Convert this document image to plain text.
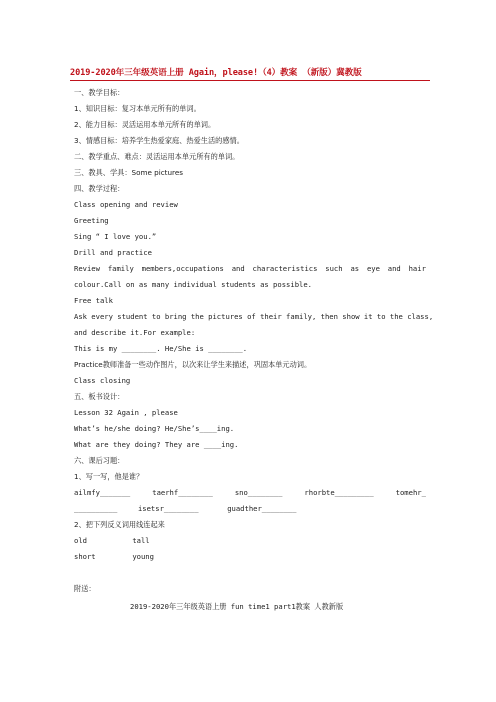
2019-2020年三年级英语上册 Again，please!（4）教案 （新版）冀教版
一、教学目标：
1、知识目标：复习本单元所有的单词。
2、能力目标：灵活运用本单元所有的单词。
3、情感目标：培养学生热爱家庭、热爱生活的感情。
二、教学重点、难点：灵活运用本单元所有的单词。
三、教具、学具：Some pictures
四、教学过程：
Class opening and review
Greeting
Sing “ I love you.”
Drill and practice
Review family members,occupations and characteristics such as eye and hair
colour.Call on as many individual students as possible.
Free talk
Ask every student to bring the pictures of their family, then show it to the class,
and describe it.For example:
This is my ________. He/She is ________.
Practice教师准备一些动作图片，以次来让学生来描述，巩固本单元动词。
Class closing
五、板书设计：
Lesson 32 Again , please
What’s he/she doing? He/She’s____ing.
What are they doing? They are ____ing.
六、课后习题：
1、写一写，他是谁？
ailmfy_______	taerhf________	sno________	rhorbte_________	tomehr_
__________	isetsr________	guadther________
2、把下列反义词用线连起来
old	tall
short	young
附送：
2019-2020年三年级英语上册 fun time1 part1教案 人教新版
